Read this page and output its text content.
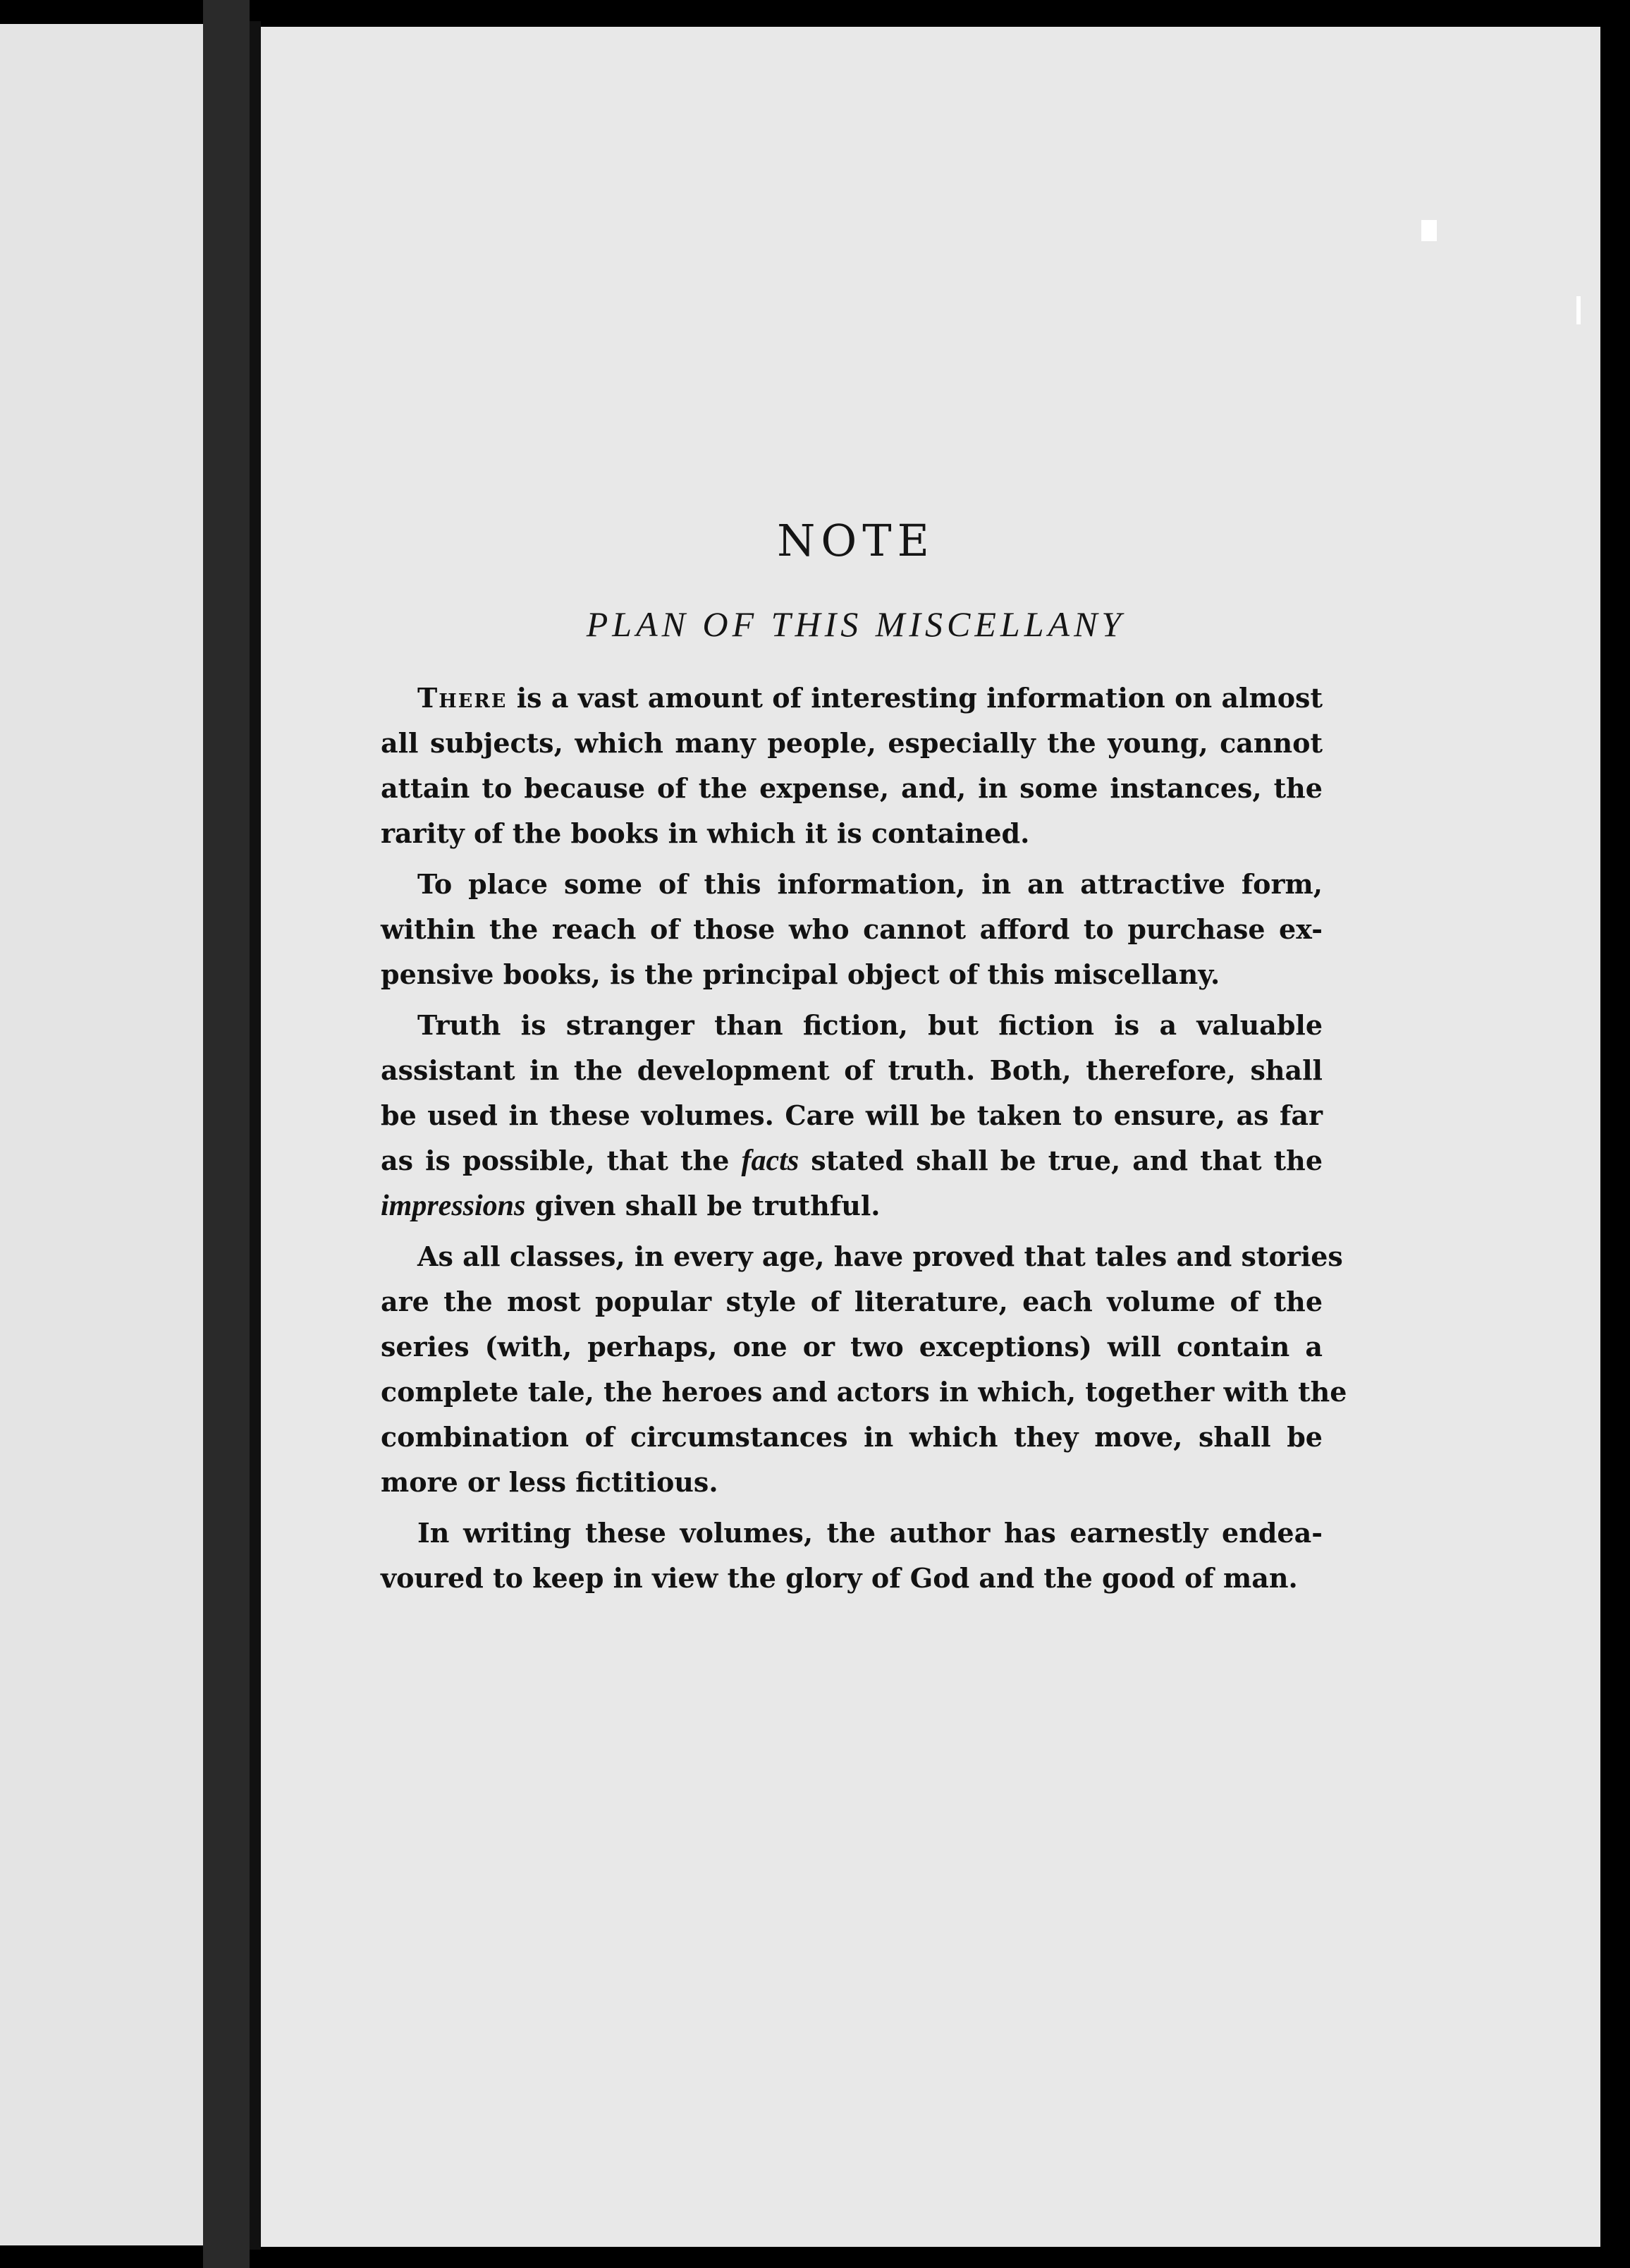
NOTE
PLAN OF THIS MISCELLANY
There is a vast amount of interesting information on almost
all subjects, which many people, especially the young, cannot
attain to because of the expense, and, in some instances, the
rarity of the books in which it is contained.
To place some of this information, in an attractive form,
within the reach of those who cannot afford to purchase ex-
pensive books, is the principal object of this miscellany.
Truth is stranger than fiction, but fiction is a valuable
assistant in the development of truth. Both, therefore, shall
be used in these volumes. Care will be taken to ensure, as far
as is possible, that the facts stated shall be true, and that the
impressions given shall be truthful.
As all classes, in every age, have proved that tales and stories
are the most popular style of literature, each volume of the
series (with, perhaps, one or two exceptions) will contain a
complete tale, the heroes and actors in which, together with the
combination of circumstances in which they move, shall be
more or less fictitious.
In writing these volumes, the author has earnestly endea-
voured to keep in view the glory of God and the good of man.
